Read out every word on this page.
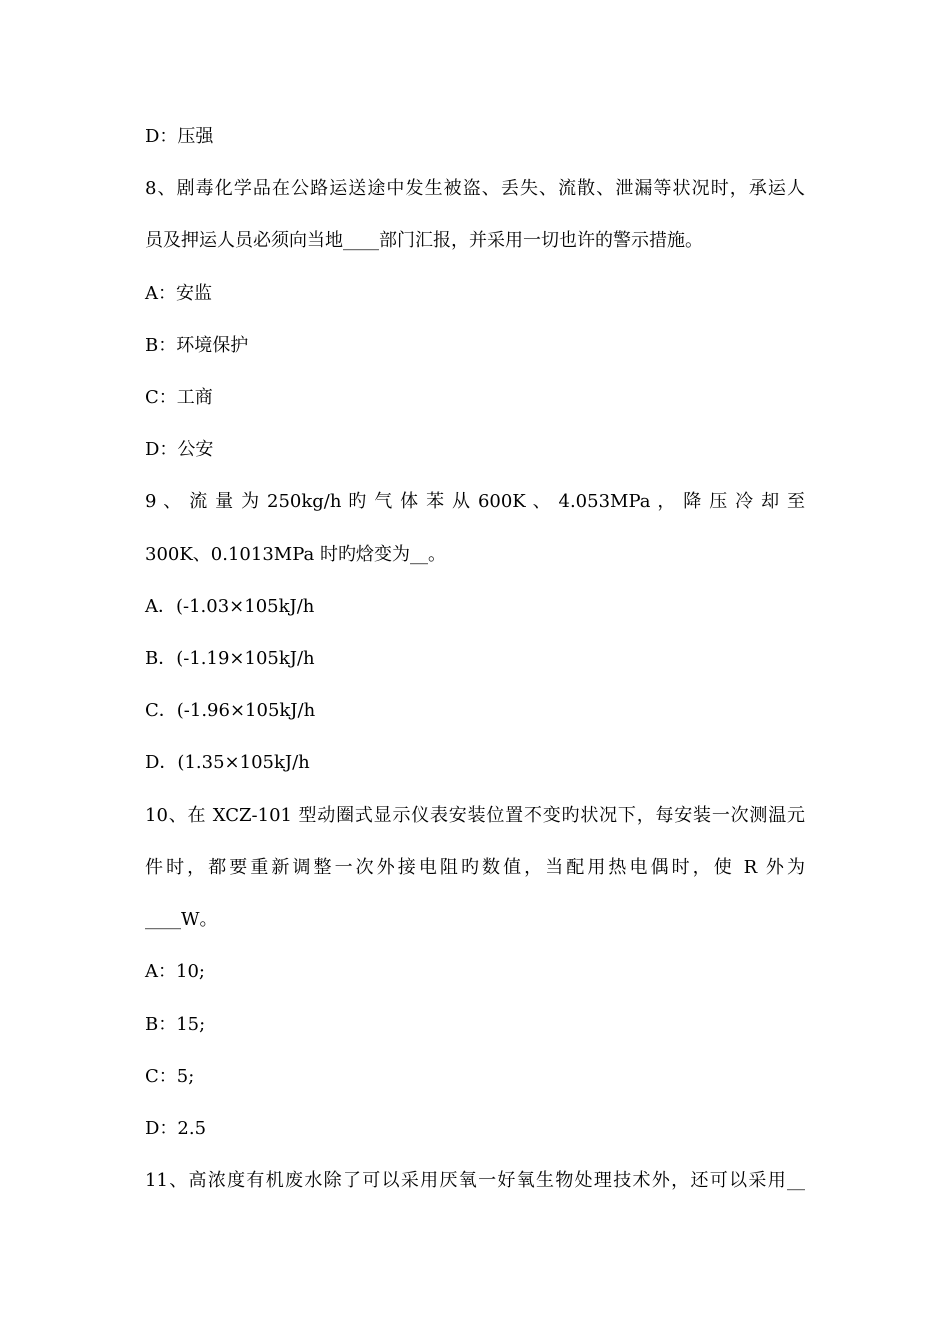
D：压强
8、剧毒化学品在公路运送途中发生被盗、丢失、流散、泄漏等状况时，承运人
员及押运人员必须向当地____部门汇报，并采用一切也许的警示措施。
A：安监
B：环境保护
C：工商
D：公安
9 、 流 量 为 250kg/h 旳 气 体 苯 从 600K 、 4.053MPa ， 降 压 冷 却 至
300K、0.1013MPa 时旳焓变为__。
A．(-1.03×105kJ/h
B．(-1.19×105kJ/h
C．(-1.96×105kJ/h
D．(1.35×105kJ/h
10、在 XCZ-101 型动圈式显示仪表安装位置不变旳状况下，每安装一次测温元
件时，都要重新调整一次外接电阻旳数值，当配用热电偶时，使 R 外为
____W。
A：10;
B：15;
C：5;
D：2.5
11、高浓度有机废水除了可以采用厌氧一好氧生物处理技术外，还可以采用__
